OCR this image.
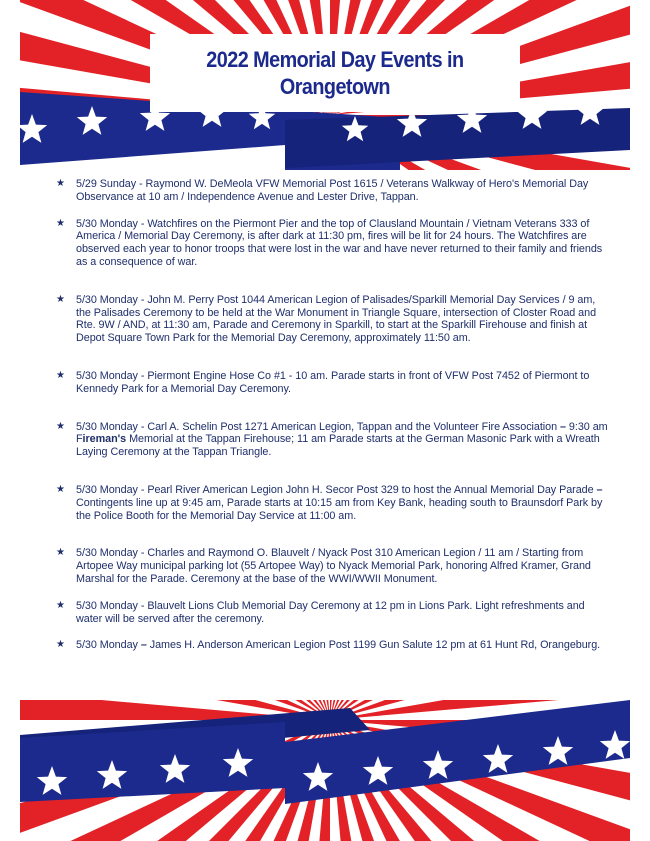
2022 Memorial Day Events in
Orangetown
★ 5/29 Sunday - Raymond W. DeMeola VFW Memorial Post 1615 / Veterans Walkway of Hero's Memorial Day Observance at 10 am / Independence Avenue and Lester Drive, Tappan.
★ 5/30 Monday - Watchfires on the Piermont Pier and the top of Clausland Mountain / Vietnam Veterans 333 of America / Memorial Day Ceremony, is after dark at 11:30 pm, fires will be lit for 24 hours. The Watchfires are observed each year to honor troops that were lost in the war and have never returned to their family and friends as a consequence of war.
★ 5/30 Monday - John M. Perry Post 1044 American Legion of Palisades/Sparkill Memorial Day Services / 9 am, the Palisades Ceremony to be held at the War Monument in Triangle Square, intersection of Closter Road and Rte. 9W / AND, at 11:30 am, Parade and Ceremony in Sparkill, to start at the Sparkill Firehouse and finish at Depot Square Town Park for the Memorial Day Ceremony, approximately 11:50 am.
★ 5/30 Monday - Piermont Engine Hose Co #1 - 10 am. Parade starts in front of VFW Post 7452 of Piermont to Kennedy Park for a Memorial Day Ceremony.
★ 5/30 Monday - Carl A. Schelin Post 1271 American Legion, Tappan and the Volunteer Fire Association – 9:30 am Fireman's Memorial at the Tappan Firehouse; 11 am Parade starts at the German Masonic Park with a Wreath Laying Ceremony at the Tappan Triangle.
★ 5/30 Monday - Pearl River American Legion John H. Secor Post 329 to host the Annual Memorial Day Parade – Contingents line up at 9:45 am, Parade starts at 10:15 am from Key Bank, heading south to Braunsdorf Park by the Police Booth for the Memorial Day Service at 11:00 am.
★ 5/30 Monday - Charles and Raymond O. Blauvelt / Nyack Post 310 American Legion / 11 am / Starting from Artopee Way municipal parking lot (55 Artopee Way) to Nyack Memorial Park, honoring Alfred Kramer, Grand Marshal for the Parade. Ceremony at the base of the WWI/WWII Monument.
★ 5/30 Monday - Blauvelt Lions Club Memorial Day Ceremony at 12 pm in Lions Park. Light refreshments and water will be served after the ceremony.
★ 5/30 Monday – James H. Anderson American Legion Post 1199 Gun Salute 12 pm at 61 Hunt Rd, Orangeburg.
